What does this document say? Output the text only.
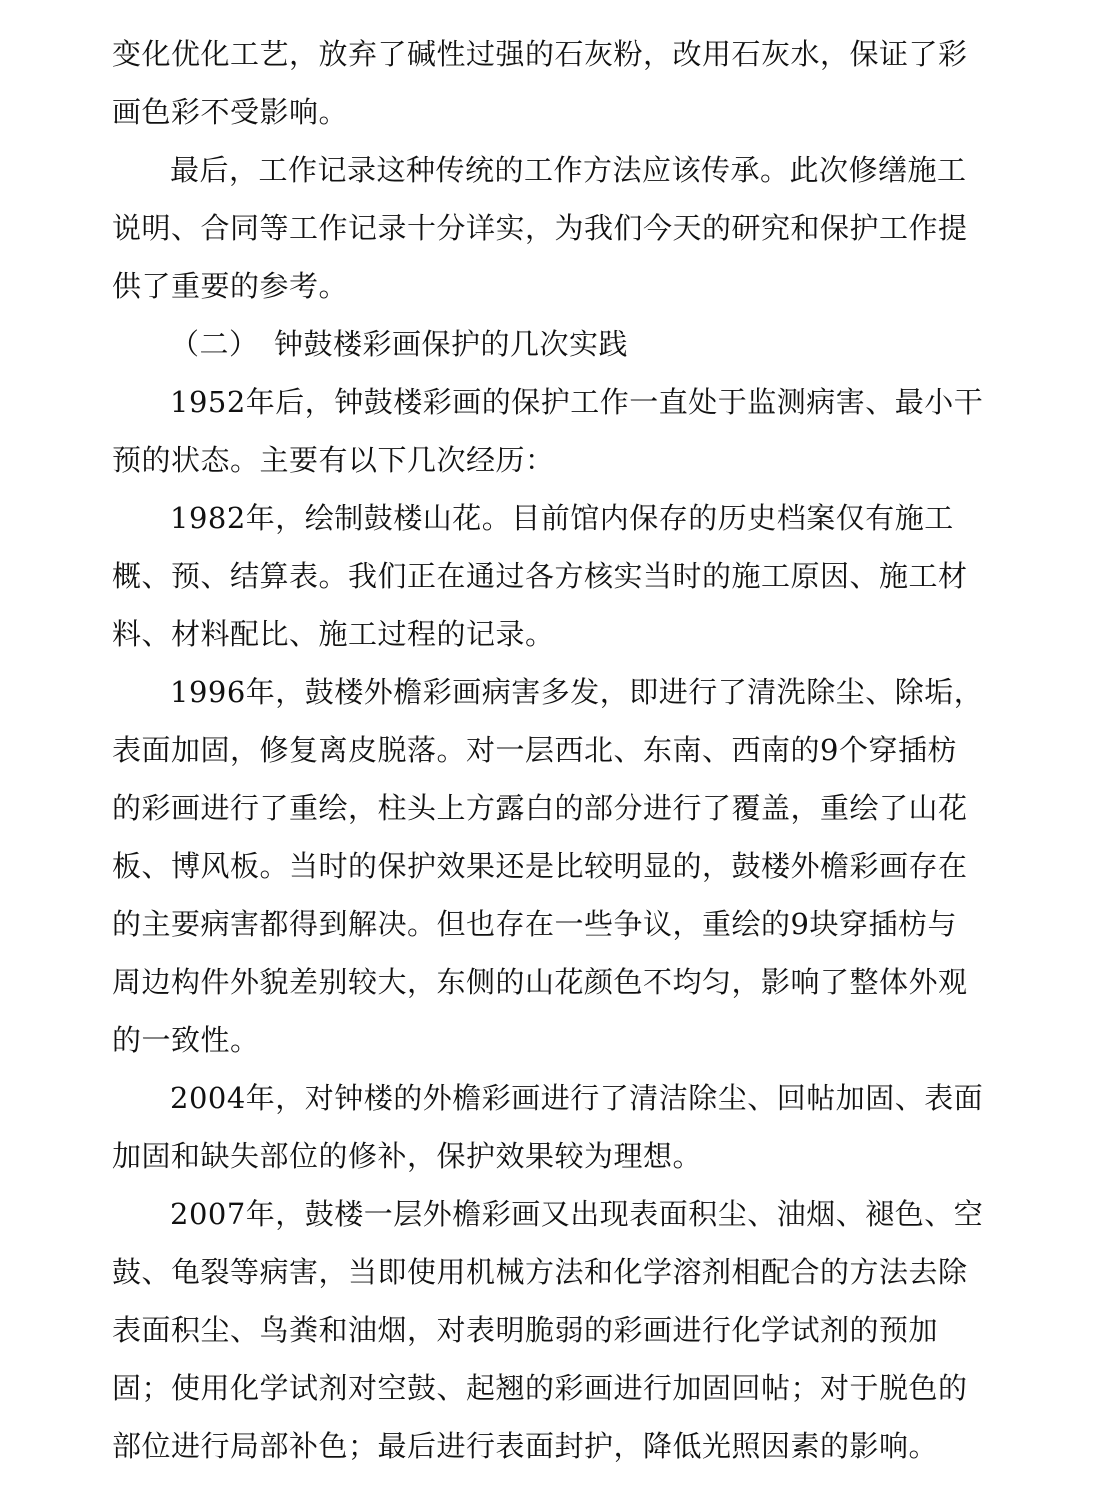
变化优化工艺，放弃了碱性过强的石灰粉，改用石灰水，保证了彩
画色彩不受影响。
最后，工作记录这种传统的工作方法应该传承。此次修缮施工
说明、合同等工作记录十分详实，为我们今天的研究和保护工作提
供了重要的参考。
（二） 钟鼓楼彩画保护的几次实践
1952年后，钟鼓楼彩画的保护工作一直处于监测病害、最小干
预的状态。主要有以下几次经历：
1982年，绘制鼓楼山花。目前馆内保存的历史档案仅有施工
概、预、结算表。我们正在通过各方核实当时的施工原因、施工材
料、材料配比、施工过程的记录。
1996年，鼓楼外檐彩画病害多发，即进行了清洗除尘、除垢，
表面加固，修复离皮脱落。对一层西北、东南、西南的9个穿插枋
的彩画进行了重绘，柱头上方露白的部分进行了覆盖，重绘了山花
板、博风板。当时的保护效果还是比较明显的，鼓楼外檐彩画存在
的主要病害都得到解决。但也存在一些争议，重绘的9块穿插枋与
周边构件外貌差别较大，东侧的山花颜色不均匀，影响了整体外观
的一致性。
2004年，对钟楼的外檐彩画进行了清洁除尘、回帖加固、表面
加固和缺失部位的修补，保护效果较为理想。
2007年，鼓楼一层外檐彩画又出现表面积尘、油烟、褪色、空
鼓、龟裂等病害，当即使用机械方法和化学溶剂相配合的方法去除
表面积尘、鸟粪和油烟，对表明脆弱的彩画进行化学试剂的预加
固；使用化学试剂对空鼓、起翘的彩画进行加固回帖；对于脱色的
部位进行局部补色；最后进行表面封护，降低光照因素的影响。
